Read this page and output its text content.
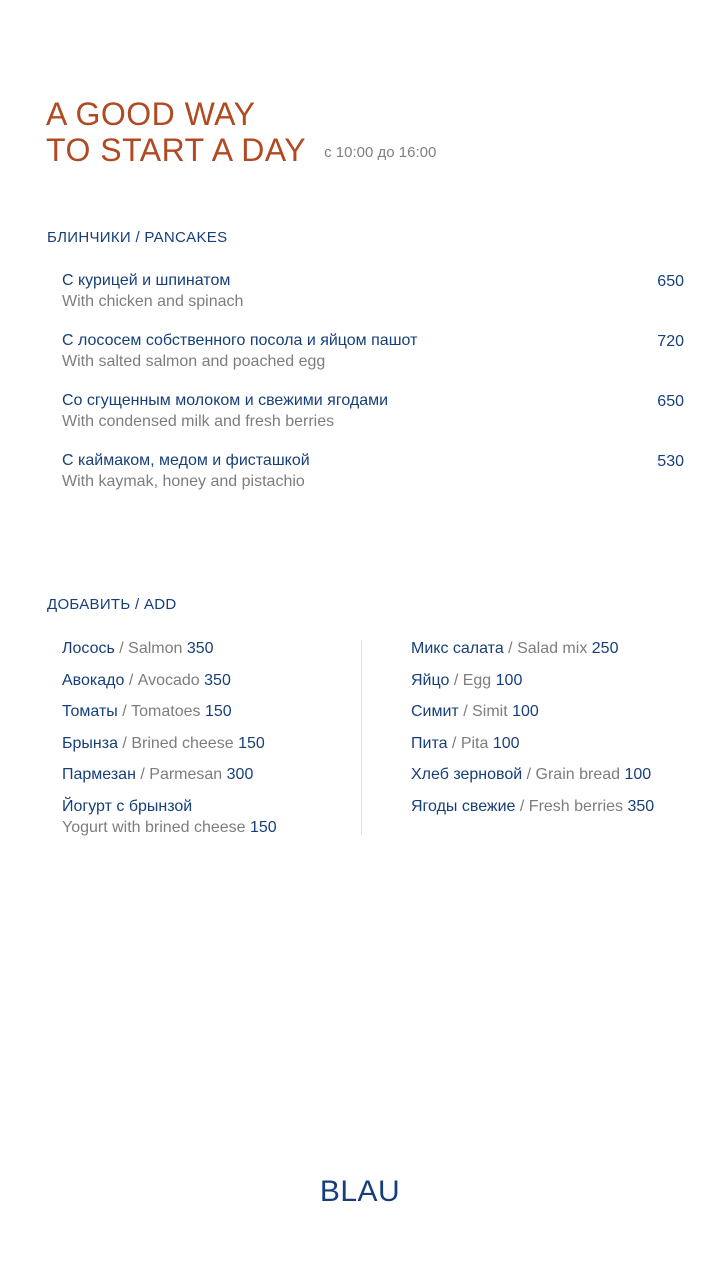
A GOOD WAY
TO START A DAY с 10:00 до 16:00
БЛИНЧИКИ / PANCAKES
С курицей и шпинатом
With chicken and spinach
650
С лососем собственного посола и яйцом пашот
With salted salmon and poached egg
720
Со сгущенным молоком и свежими ягодами
With condensed milk and fresh berries
650
С каймаком, медом и фисташкой
With kaymak, honey and pistachio
530
ДОБАВИТЬ / ADD
Лосось / Salmon 350
Авокадо / Avocado 350
Томаты / Tomatoes 150
Брынза / Brined cheese 150
Пармезан / Parmesan 300
Йогурт с брынзой
Yogurt with brined cheese 150
Микс салата / Salad mix 250
Яйцо / Egg 100
Симит / Simit 100
Пита / Pita 100
Хлеб зерновой / Grain bread 100
Ягоды свежие / Fresh berries 350
BLAU
